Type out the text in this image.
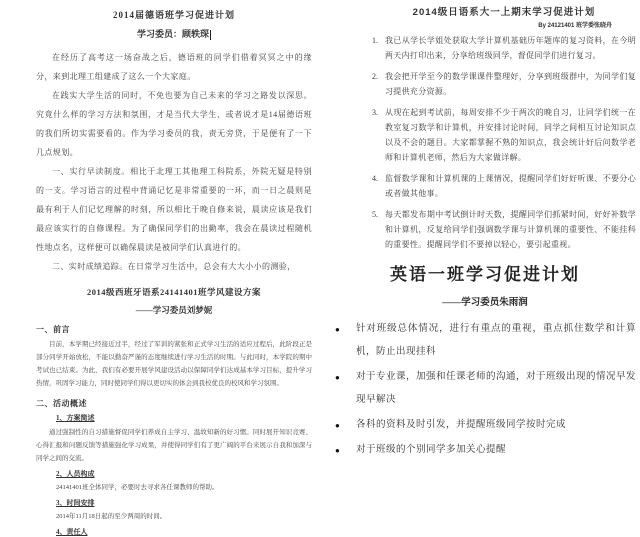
2014届德语班学习促进计划
学习委员：顾轶琛

在经历了高考这一场奋战之后，德语班的同学们借着冥冥之中的缘分，来到北理工组建成了这么一个大家庭。

在践实大学生活的同时，不免也要为自己未来的学习之路发以深思。究竟什么样的学习方法和氛围，才是当代大学生、或者说才是14届德语班的我们所切实需要看的。作为学习委员的我，责无旁贷，于是便有了一下几点规划。

一、实行早读制度。相比于北理工其他理工科院系，外院无疑是特别的一支。学习语言的过程中背诵记忆是非常重要的一环，而一日之晨则是最有利于人们记忆理解的时刻，所以相比于晚自修来说，晨读应该是我们最应该实行的自修课程。为了确保同学们的出勤率，我会在晨读过程随机性地点名，这样便可以确保晨读是被同学们认真进行的。

二、实时成绩追踪。在日常学习生活中，总会有大大小小的测验，

2014级西班牙语系24141401班学风建设方案
——学习委员刘梦妮
一、前言
目前，本学期已经接近过半，经过了军训的紧张和正式学习生活的适应过程后，此阶段正是部分同学开始放松，不能以勤奋严谨的态度继续进行学习生活的时期。与此同时，本学院的期中考试也已结束。为此，我们有必要开展学风建设活动以保障同学们达成基本学习目标，提升学习热情，巩固学习能力，同时使同学们得以更切实的体会到我校优良的校风和学习氛围。
二、活动概述
1、方案简述
通过强制性的自习措施督促同学们养成自主学习、温故知新的好习惯。同时展开知识竞赛、心得汇报和问题反馈等措施强化学习成果，并使得同学们有了更广阔的平台来展示自我和加深与同学之间的交流。
2、人员构成
24141401班全体同学，必要时去寻求各任课教师的帮助。
3、时间安排
2014年11月18日起的至少两周的时间。
4、责任人
2014级日语系大一上期末学习促进计划
By 24121401 班学委张晓舟
1. 我已从学长学姐处获取大学计算机基础历年题库的复习资料，在今明两天内打印出来，分享给班级同学，督促同学们进行复习。
2. 我会把开学至今的数学课课件整理好，分享到班级群中，为同学们复习提供充分资源。
3. 从现在起到考试前，每周安排不少于两次的晚自习，让同学们统一在教室复习数学和计算机，并安排讨论时间，同学之间相互讨论知识点以及不会的题目。大家都掌握不熟的知识点，我会统计好后问数学老师和计算机老师，然后为大家做详解。
4. 监督数学课和计算机课的上课情况，提醒同学们好好听课、不要分心或者做其他事。
5. 每天都发布期中考试倒计时天数，提醒同学们抓紧时间，好好补数学和计算机，反复给同学们强调数学课与计算机课的重要性、不能挂科的重要性。提醒同学们不要掉以轻心，要引起重视。
英语一班学习促进计划
——学习委员朱雨润
●	针对班级总体情况，进行有重点的重视，重点抓住数学和计算机，防止出现挂科
●	对于专业课，加强和任课老师的沟通，对于班级出现的情况早发现早解决
●	各科的资料及时引发，并提醒班级同学按时完成
●	对于班级的个别同学多加关心提醒
